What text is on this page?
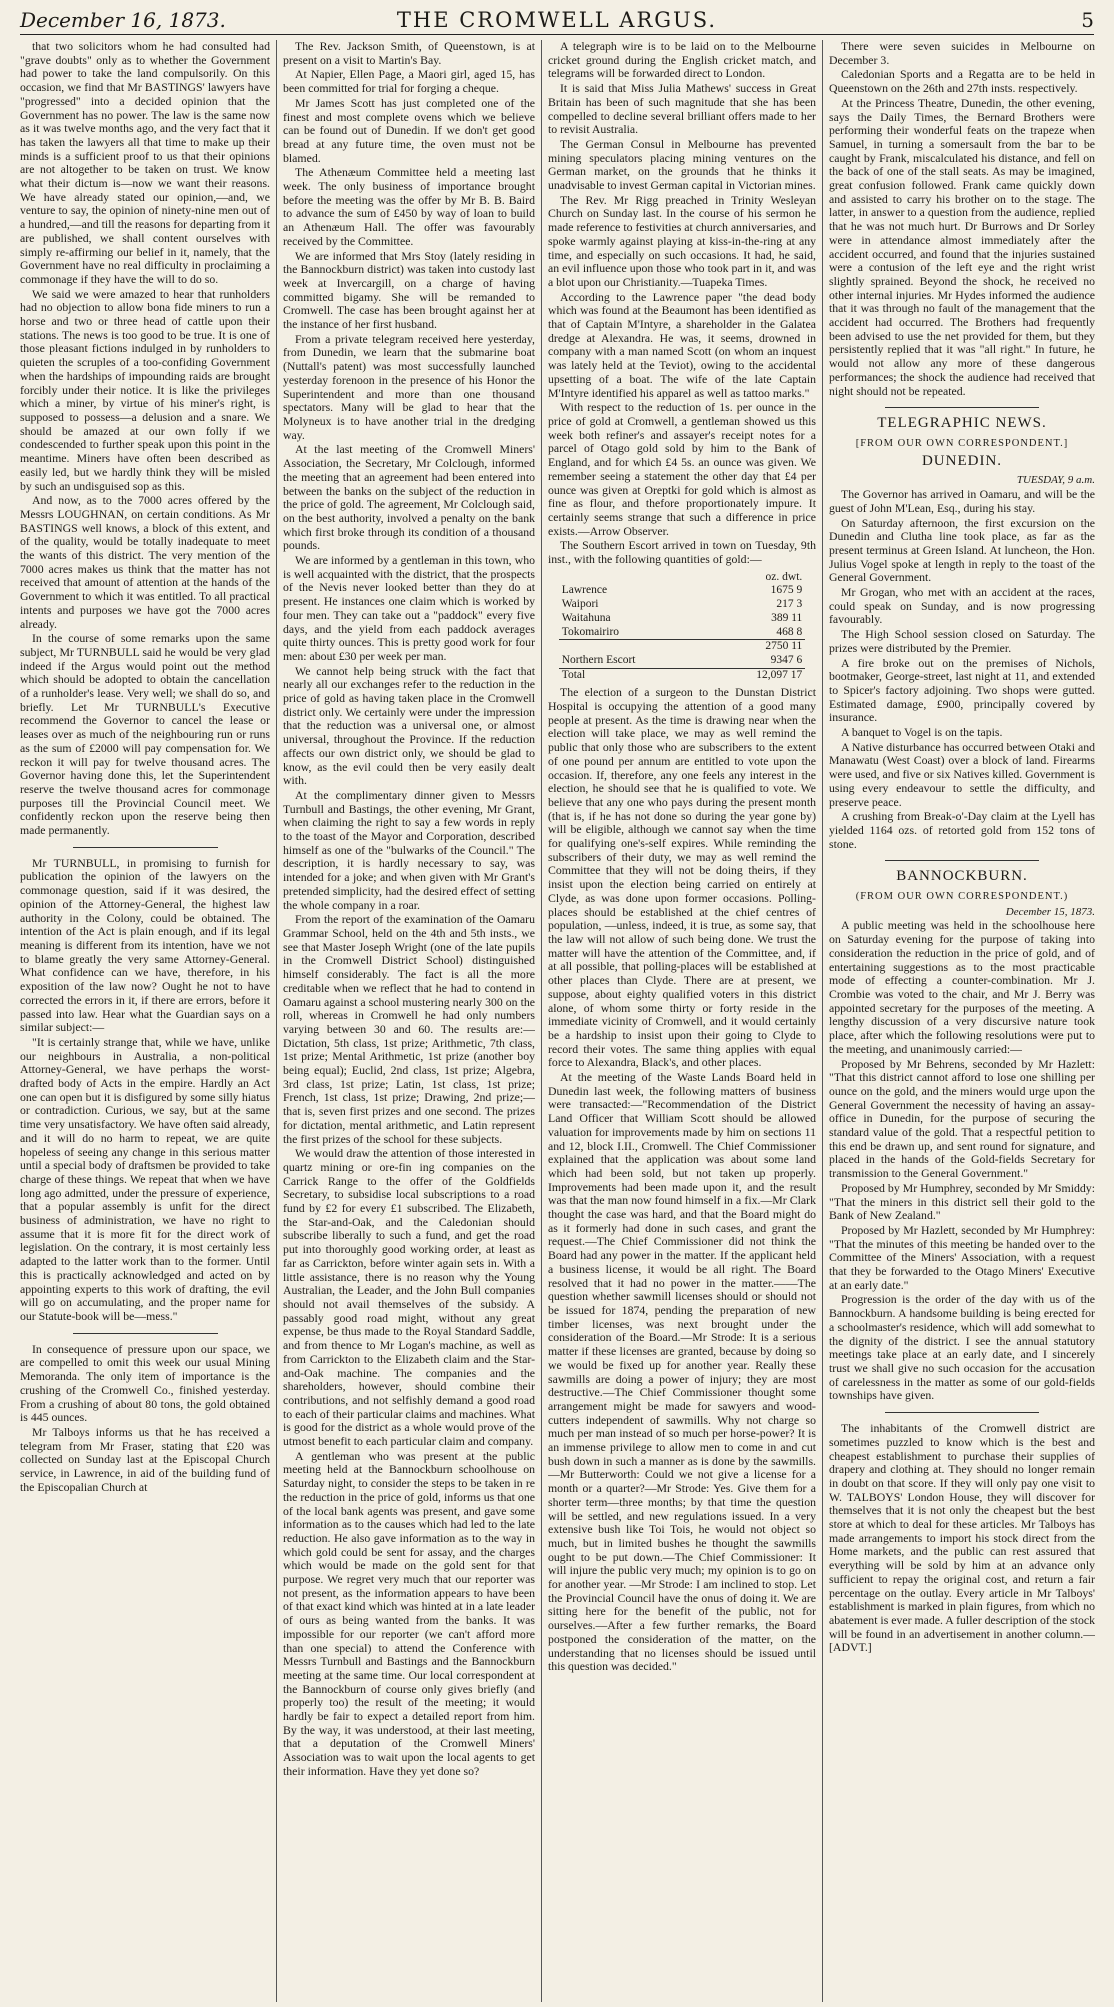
December 16, 1873.	THE CROMWELL ARGUS.	5

that two solicitors whom he had consulted had "grave doubts" only as to whether the Government had power to take the land compulsorily. On this occasion, we find that Mr BASTINGS' lawyers have "progressed" into a decided opinion that the Government has no power. The law is the same now as it was twelve months ago, and the very fact that it has taken the lawyers all that time to make up their minds is a sufficient proof to us that their opinions are not altogether to be taken on trust. We know what their dictum is—now we want their reasons. We have already stated our opinion,—and, we venture to say, the opinion of ninety-nine men out of a hundred,—and till the reasons for departing from it are published, we shall content ourselves with simply re-affirming our belief in it, namely, that the Government have no real difficulty in proclaiming a commonage if they have the will to do so.

We said we were amazed to hear that runholders had no objection to allow bona fide miners to run a horse and two or three head of cattle upon their stations. The news is too good to be true. It is one of those pleasant fictions indulged in by runholders to quieten the scruples of a too-confiding Government when the hardships of impounding raids are brought forcibly under their notice. It is like the privileges which a miner, by virtue of his miner's right, is supposed to possess—a delusion and a snare. We should be amazed at our own folly if we condescended to further speak upon this point in the meantime. Miners have often been described as easily led, but we hardly think they will be misled by such an undisguised sop as this.

And now, as to the 7000 acres offered by the Messrs LOUGHNAN, on certain conditions. As Mr BASTINGS well knows, a block of this extent, and of the quality, would be totally inadequate to meet the wants of this district. The very mention of the 7000 acres makes us think that the matter has not received that amount of attention at the hands of the Government to which it was entitled. To all practical intents and purposes we have got the 7000 acres already.

In the course of some remarks upon the same subject, Mr TURNBULL said he would be very glad indeed if the Argus would point out the method which should be adopted to obtain the cancellation of a runholder's lease. Very well; we shall do so, and briefly. Let Mr TURNBULL's Executive recommend the Governor to cancel the lease or leases over as much of the neighbouring run or runs as the sum of £2000 will pay compensation for. We reckon it will pay for twelve thousand acres. The Governor having done this, let the Superintendent reserve the twelve thousand acres for commonage purposes till the Provincial Council meet. We confidently reckon upon the reserve being then made permanently.

Mr TURNBULL, in promising to furnish for publication the opinion of the lawyers on the commonage question, said if it was desired, the opinion of the Attorney-General, the highest law authority in the Colony, could be obtained. The intention of the Act is plain enough, and if its legal meaning is different from its intention, have we not to blame greatly the very same Attorney-General. What confidence can we have, therefore, in his exposition of the law now? Ought he not to have corrected the errors in it, if there are errors, before it passed into law. Hear what the Guardian says on a similar subject:—

"It is certainly strange that, while we have, unlike our neighbours in Australia, a non-political Attorney-General, we have perhaps the worst-drafted body of Acts in the empire. Hardly an Act one can open but it is disfigured by some silly hiatus or contradiction. Curious, we say, but at the same time very unsatisfactory. We have often said already, and it will do no harm to repeat, we are quite hopeless of seeing any change in this serious matter until a special body of draftsmen be provided to take charge of these things. We repeat that when we have long ago admitted, under the pressure of experience, that a popular assembly is unfit for the direct business of administration, we have no right to assume that it is more fit for the direct work of legislation. On the contrary, it is most certainly less adapted to the latter work than to the former. Until this is practically acknowledged and acted on by appointing experts to this work of drafting, the evil will go on accumulating, and the proper name for our Statute-book will be—mess."

In consequence of pressure upon our space, we are compelled to omit this week our usual Mining Memoranda. The only item of importance is the crushing of the Cromwell Co., finished yesterday. From a crushing of about 80 tons, the gold obtained is 445 ounces.

Mr Talboys informs us that he has received a telegram from Mr Fraser, stating that £20 was collected on Sunday last at the Episcopal Church service, in Lawrence, in aid of the building fund of the Episcopalian Church at

The Rev. Jackson Smith, of Queenstown, is at present on a visit to Martin's Bay.

At Napier, Ellen Page, a Maori girl, aged 15, has been committed for trial for forging a cheque.

Mr James Scott has just completed one of the finest and most complete ovens which we believe can be found out of Dunedin. If we don't get good bread at any future time, the oven must not be blamed.

The Athenæum Committee held a meeting last week. The only business of importance brought before the meeting was the offer by Mr B. B. Baird to advance the sum of £450 by way of loan to build an Athenæum Hall. The offer was favourably received by the Committee.

We are informed that Mrs Stoy (lately residing in the Bannockburn district) was taken into custody last week at Invercargill, on a charge of having committed bigamy. She will be remanded to Cromwell. The case has been brought against her at the instance of her first husband.

From a private telegram received here yesterday, from Dunedin, we learn that the submarine boat (Nuttall's patent) was most successfully launched yesterday forenoon in the presence of his Honor the Superintendent and more than one thousand spectators. Many will be glad to hear that the Molyneux is to have another trial in the dredging way.

At the last meeting of the Cromwell Miners' Association, the Secretary, Mr Colclough, informed the meeting that an agreement had been entered into between the banks on the subject of the reduction in the price of gold. The agreement, Mr Colclough said, on the best authority, involved a penalty on the bank which first broke through its condition of a thousand pounds.

We are informed by a gentleman in this town, who is well acquainted with the district, that the prospects of the Nevis never looked better than they do at present. He instances one claim which is worked by four men. They can take out a "paddock" every five days, and the yield from each paddock averages quite thirty ounces. This is pretty good work for four men: about £30 per week per man.

We cannot help being struck with the fact that nearly all our exchanges refer to the reduction in the price of gold as having taken place in the Cromwell district only. We certainly were under the impression that the reduction was a universal one, or almost universal, throughout the Province. If the reduction affects our own district only, we should be glad to know, as the evil could then be very easily dealt with.

At the complimentary dinner given to Messrs Turnbull and Bastings, the other evening, Mr Grant, when claiming the right to say a few words in reply to the toast of the Mayor and Corporation, described himself as one of the "bulwarks of the Council." The description, it is hardly necessary to say, was intended for a joke; and when given with Mr Grant's pretended simplicity, had the desired effect of setting the whole company in a roar.

From the report of the examination of the Oamaru Grammar School, held on the 4th and 5th insts., we see that Master Joseph Wright (one of the late pupils in the Cromwell District School) distinguished himself considerably. The fact is all the more creditable when we reflect that he had to contend in Oamaru against a school mustering nearly 300 on the roll, whereas in Cromwell he had only numbers varying between 30 and 60. The results are:—Dictation, 5th class, 1st prize; Arithmetic, 7th class, 1st prize; Mental Arithmetic, 1st prize (another boy being equal); Euclid, 2nd class, 1st prize; Algebra, 3rd class, 1st prize; Latin, 1st class, 1st prize; French, 1st class, 1st prize; Drawing, 2nd prize;—that is, seven first prizes and one second. The prizes for dictation, mental arithmetic, and Latin represent the first prizes of the school for these subjects.

We would draw the attention of those interested in quartz mining or ore-fin ing companies on the Carrick Range to the offer of the Goldfields Secretary, to subsidise local subscriptions to a road fund by £2 for every £1 subscribed. The Elizabeth, the Star-and-Oak, and the Caledonian should subscribe liberally to such a fund, and get the road put into thoroughly good working order, at least as far as Carrickton, before winter again sets in. With a little assistance, there is no reason why the Young Australian, the Leader, and the John Bull companies should not avail themselves of the subsidy. A passably good road might, without any great expense, be thus made to the Royal Standard Saddle, and from thence to Mr Logan's machine, as well as from Carrickton to the Elizabeth claim and the Star-and-Oak machine. The companies and the shareholders, however, should combine their contributions, and not selfishly demand a good road to each of their particular claims and machines. What is good for the district as a whole would prove of the utmost benefit to each particular claim and company.

A gentleman who was present at the public meeting held at the Bannockburn schoolhouse on Saturday night, to consider the steps to be taken in re the reduction in the price of gold, informs us that one of the local bank agents was present, and gave some information as to the causes which had led to the late reduction. He also gave information as to the way in which gold could be sent for assay, and the charges which would be made on the gold sent for that purpose. We regret very much that our reporter was not present, as the information appears to have been of that exact kind which was hinted at in a late leader of ours as being wanted from the banks. It was impossible for our reporter (we can't afford more than one special) to attend the Conference with Messrs Turnbull and Bastings and the Bannockburn meeting at the same time. Our local correspondent at the Bannockburn of course only gives briefly (and properly too) the result of the meeting; it would hardly be fair to expect a detailed report from him. By the way, it was understood, at their last meeting, that a deputation of the Cromwell Miners' Association was to wait upon the local agents to get their information. Have they yet done so?

A telegraph wire is to be laid on to the Melbourne cricket ground during the English cricket match, and telegrams will be forwarded direct to London.

It is said that Miss Julia Mathews' success in Great Britain has been of such magnitude that she has been compelled to decline several brilliant offers made to her to revisit Australia.

The German Consul in Melbourne has prevented mining speculators placing mining ventures on the German market, on the grounds that he thinks it unadvisable to invest German capital in Victorian mines.

The Rev. Mr Rigg preached in Trinity Wesleyan Church on Sunday last. In the course of his sermon he made reference to festivities at church anniversaries, and spoke warmly against playing at kiss-in-the-ring at any time, and especially on such occasions. It had, he said, an evil influence upon those who took part in it, and was a blot upon our Christianity.—Tuapeka Times.

According to the Lawrence paper "the dead body which was found at the Beaumont has been identified as that of Captain M'Intyre, a shareholder in the Galatea dredge at Alexandra. He was, it seems, drowned in company with a man named Scott (on whom an inquest was lately held at the Teviot), owing to the accidental upsetting of a boat. The wife of the late Captain M'Intyre identified his apparel as well as tattoo marks."

With respect to the reduction of 1s. per ounce in the price of gold at Cromwell, a gentleman showed us this week both refiner's and assayer's receipt notes for a parcel of Otago gold sold by him to the Bank of England, and for which £4 5s. an ounce was given. We remember seeing a statement the other day that £4 per ounce was given at Oreptki for gold which is almost as fine as flour, and thefore proportionately impure. It certainly seems strange that such a difference in price exists.—Arrow Observer.

The Southern Escort arrived in town on Tuesday, 9th inst., with the following quantities of gold:—

	oz. dwt.
Lawrence	1675 9
Waipori	217 3
Waitahuna	389 11
Tokomairiro	468 8
	2750 11
Northern Escort	9347 6
Total	12,097 17

The election of a surgeon to the Dunstan District Hospital is occupying the attention of a good many people at present. As the time is drawing near when the election will take place, we may as well remind the public that only those who are subscribers to the extent of one pound per annum are entitled to vote upon the occasion. If, therefore, any one feels any interest in the election, he should see that he is qualified to vote. We believe that any one who pays during the present month (that is, if he has not done so during the year gone by) will be eligible, although we cannot say when the time for qualifying one's-self expires. While reminding the subscribers of their duty, we may as well remind the Committee that they will not be doing theirs, if they insist upon the election being carried on entirely at Clyde, as was done upon former occasions. Polling-places should be established at the chief centres of population, —unless, indeed, it is true, as some say, that the law will not allow of such being done. We trust the matter will have the attention of the Committee, and, if at all possible, that polling-places will be established at other places than Clyde. There are at present, we suppose, about eighty qualified voters in this district alone, of whom some thirty or forty reside in the immediate vicinity of Cromwell, and it would certainly be a hardship to insist upon their going to Clyde to record their votes. The same thing applies with equal force to Alexandra, Black's, and other places.

At the meeting of the Waste Lands Board held in Dunedin last week, the following matters of business were transacted:—"Recommendation of the District Land Officer that William Scott should be allowed valuation for improvements made by him on sections 11 and 12, block I.II., Cromwell. The Chief Commissioner explained that the application was about some land which had been sold, but not taken up properly. Improvements had been made upon it, and the result was that the man now found himself in a fix.—Mr Clark thought the case was hard, and that the Board might do as it formerly had done in such cases, and grant the request.—The Chief Commissioner did not think the Board had any power in the matter. If the applicant held a business license, it would be all right. The Board resolved that it had no power in the matter.——The question whether sawmill licenses should or should not be issued for 1874, pending the preparation of new timber licenses, was next brought under the consideration of the Board.—Mr Strode: It is a serious matter if these licenses are granted, because by doing so we would be fixed up for another year. Really these sawmills are doing a power of injury; they are most destructive.—The Chief Commissioner thought some arrangement might be made for sawyers and wood-cutters independent of sawmills. Why not charge so much per man instead of so much per horse-power? It is an immense privilege to allow men to come in and cut bush down in such a manner as is done by the sawmills.—Mr Butterworth: Could we not give a license for a month or a quarter?—Mr Strode: Yes. Give them for a shorter term—three months; by that time the question will be settled, and new regulations issued. In a very extensive bush like Toi Tois, he would not object so much, but in limited bushes he thought the sawmills ought to be put down.—The Chief Commissioner: It will injure the public very much; my opinion is to go on for another year. —Mr Strode: I am inclined to stop. Let the Provincial Council have the onus of doing it. We are sitting here for the benefit of the public, not for ourselves.—After a few further remarks, the Board postponed the consideration of the matter, on the understanding that no licenses should be issued until this question was decided."

There were seven suicides in Melbourne on December 3.

Caledonian Sports and a Regatta are to be held in Queenstown on the 26th and 27th insts. respectively.

At the Princess Theatre, Dunedin, the other evening, says the Daily Times, the Bernard Brothers were performing their wonderful feats on the trapeze when Samuel, in turning a somersault from the bar to be caught by Frank, miscalculated his distance, and fell on the back of one of the stall seats. As may be imagined, great confusion followed. Frank came quickly down and assisted to carry his brother on to the stage. The latter, in answer to a question from the audience, replied that he was not much hurt. Dr Burrows and Dr Sorley were in attendance almost immediately after the accident occurred, and found that the injuries sustained were a contusion of the left eye and the right wrist slightly sprained. Beyond the shock, he received no other internal injuries. Mr Hydes informed the audience that it was through no fault of the management that the accident had occurred. The Brothers had frequently been advised to use the net provided for them, but they persistently replied that it was "all right." In future, he would not allow any more of these dangerous performances; the shock the audience had received that night should not be repeated.

TELEGRAPHIC NEWS.
[FROM OUR OWN CORRESPONDENT.]
DUNEDIN.
TUESDAY, 9 a.m.

The Governor has arrived in Oamaru, and will be the guest of John M'Lean, Esq., during his stay.

On Saturday afternoon, the first excursion on the Dunedin and Clutha line took place, as far as the present terminus at Green Island. At luncheon, the Hon. Julius Vogel spoke at length in reply to the toast of the General Government.

Mr Grogan, who met with an accident at the races, could speak on Sunday, and is now progressing favourably.

The High School session closed on Saturday. The prizes were distributed by the Premier.

A fire broke out on the premises of Nichols, bootmaker, George-street, last night at 11, and extended to Spicer's factory adjoining. Two shops were gutted. Estimated damage, £900, principally covered by insurance.

A banquet to Vogel is on the tapis.

A Native disturbance has occurred between Otaki and Manawatu (West Coast) over a block of land. Firearms were used, and five or six Natives killed. Government is using every endeavour to settle the difficulty, and preserve peace.

A crushing from Break-o'-Day claim at the Lyell has yielded 1164 ozs. of retorted gold from 152 tons of stone.

BANNOCKBURN.
(FROM OUR OWN CORRESPONDENT.)
December 15, 1873.

A public meeting was held in the schoolhouse here on Saturday evening for the purpose of taking into consideration the reduction in the price of gold, and of entertaining suggestions as to the most practicable mode of effecting a counter-combination. Mr J. Crombie was voted to the chair, and Mr J. Berry was appointed secretary for the purposes of the meeting. A lengthy discussion of a very discursive nature took place, after which the following resolutions were put to the meeting, and unanimously carried:—

Proposed by Mr Behrens, seconded by Mr Hazlett: "That this district cannot afford to lose one shilling per ounce on the gold, and the miners would urge upon the General Government the necessity of having an assay-office in Dunedin, for the purpose of securing the standard value of the gold. That a respectful petition to this end be drawn up, and sent round for signature, and placed in the hands of the Gold-fields Secretary for transmission to the General Government."

Proposed by Mr Humphrey, seconded by Mr Smiddy: "That the miners in this district sell their gold to the Bank of New Zealand."

Proposed by Mr Hazlett, seconded by Mr Humphrey: "That the minutes of this meeting be handed over to the Committee of the Miners' Association, with a request that they be forwarded to the Otago Miners' Executive at an early date."

Progression is the order of the day with us of the Bannockburn. A handsome building is being erected for a schoolmaster's residence, which will add somewhat to the dignity of the district. I see the annual statutory meetings take place at an early date, and I sincerely trust we shall give no such occasion for the accusation of carelessness in the matter as some of our gold-fields townships have given.

The inhabitants of the Cromwell district are sometimes puzzled to know which is the best and cheapest establishment to purchase their supplies of drapery and clothing at. They should no longer remain in doubt on that score. If they will only pay one visit to W. TALBOYS' London House, they will discover for themselves that it is not only the cheapest but the best store at which to deal for these articles. Mr Talboys has made arrangements to import his stock direct from the Home markets, and the public can rest assured that everything will be sold by him at an advance only sufficient to repay the original cost, and return a fair percentage on the outlay. Every article in Mr Talboys' establishment is marked in plain figures, from which no abatement is ever made. A fuller description of the stock will be found in an advertisement in another column.—[ADVT.]
